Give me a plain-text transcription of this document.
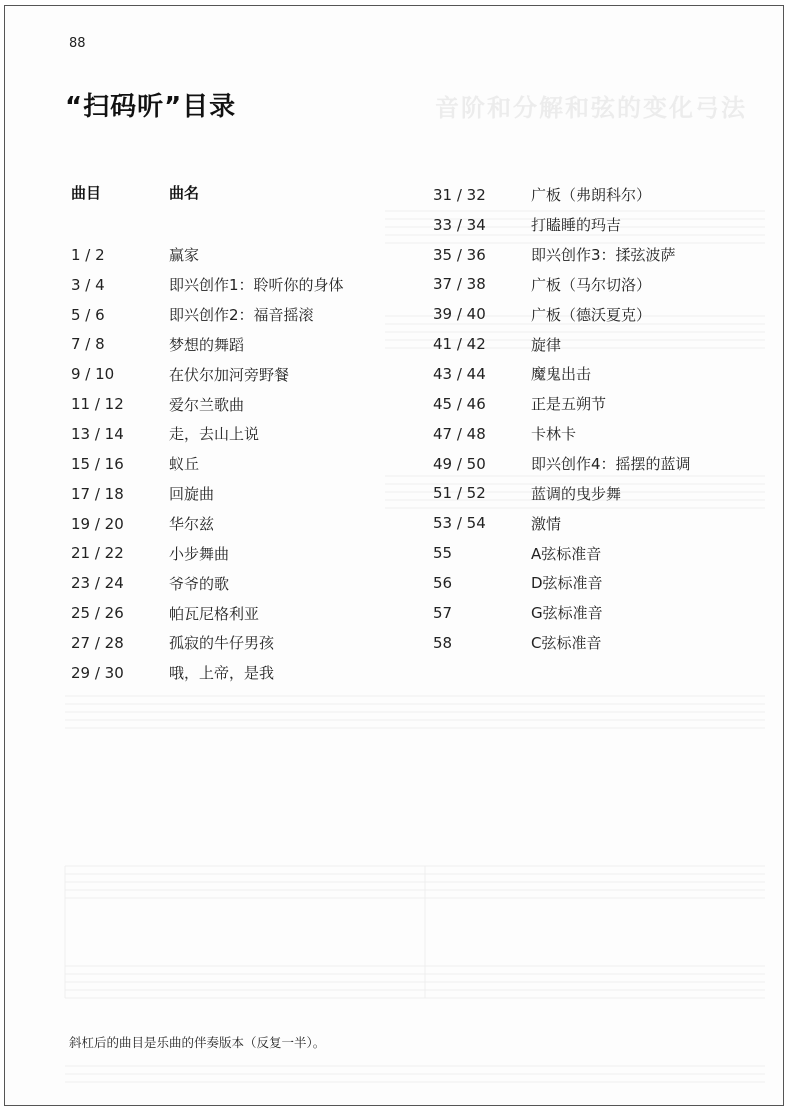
音阶和分解和弦的变化弓法
88
“扫码听”目录
曲目	曲名
1 / 2	赢家
3 / 4	即兴创作1：聆听你的身体
5 / 6	即兴创作2：福音摇滚
7 / 8	梦想的舞蹈
9 / 10	在伏尔加河旁野餐
11 / 12	爱尔兰歌曲
13 / 14	走，去山上说
15 / 16	蚁丘
17 / 18	回旋曲
19 / 20	华尔兹
21 / 22	小步舞曲
23 / 24	爷爷的歌
25 / 26	帕瓦尼格利亚
27 / 28	孤寂的牛仔男孩
29 / 30	哦，上帝，是我
31 / 32	广板（弗朗科尔）
33 / 34	打瞌睡的玛吉
35 / 36	即兴创作3：揉弦波萨
37 / 38	广板（马尔切洛）
39 / 40	广板（德沃夏克）
41 / 42	旋律
43 / 44	魔鬼出击
45 / 46	正是五朔节
47 / 48	卡林卡
49 / 50	即兴创作4：摇摆的蓝调
51 / 52	蓝调的曳步舞
53 / 54	激情
55	A弦标准音
56	D弦标准音
57	G弦标准音
58	C弦标准音
斜杠后的曲目是乐曲的伴奏版本（反复一半）。
